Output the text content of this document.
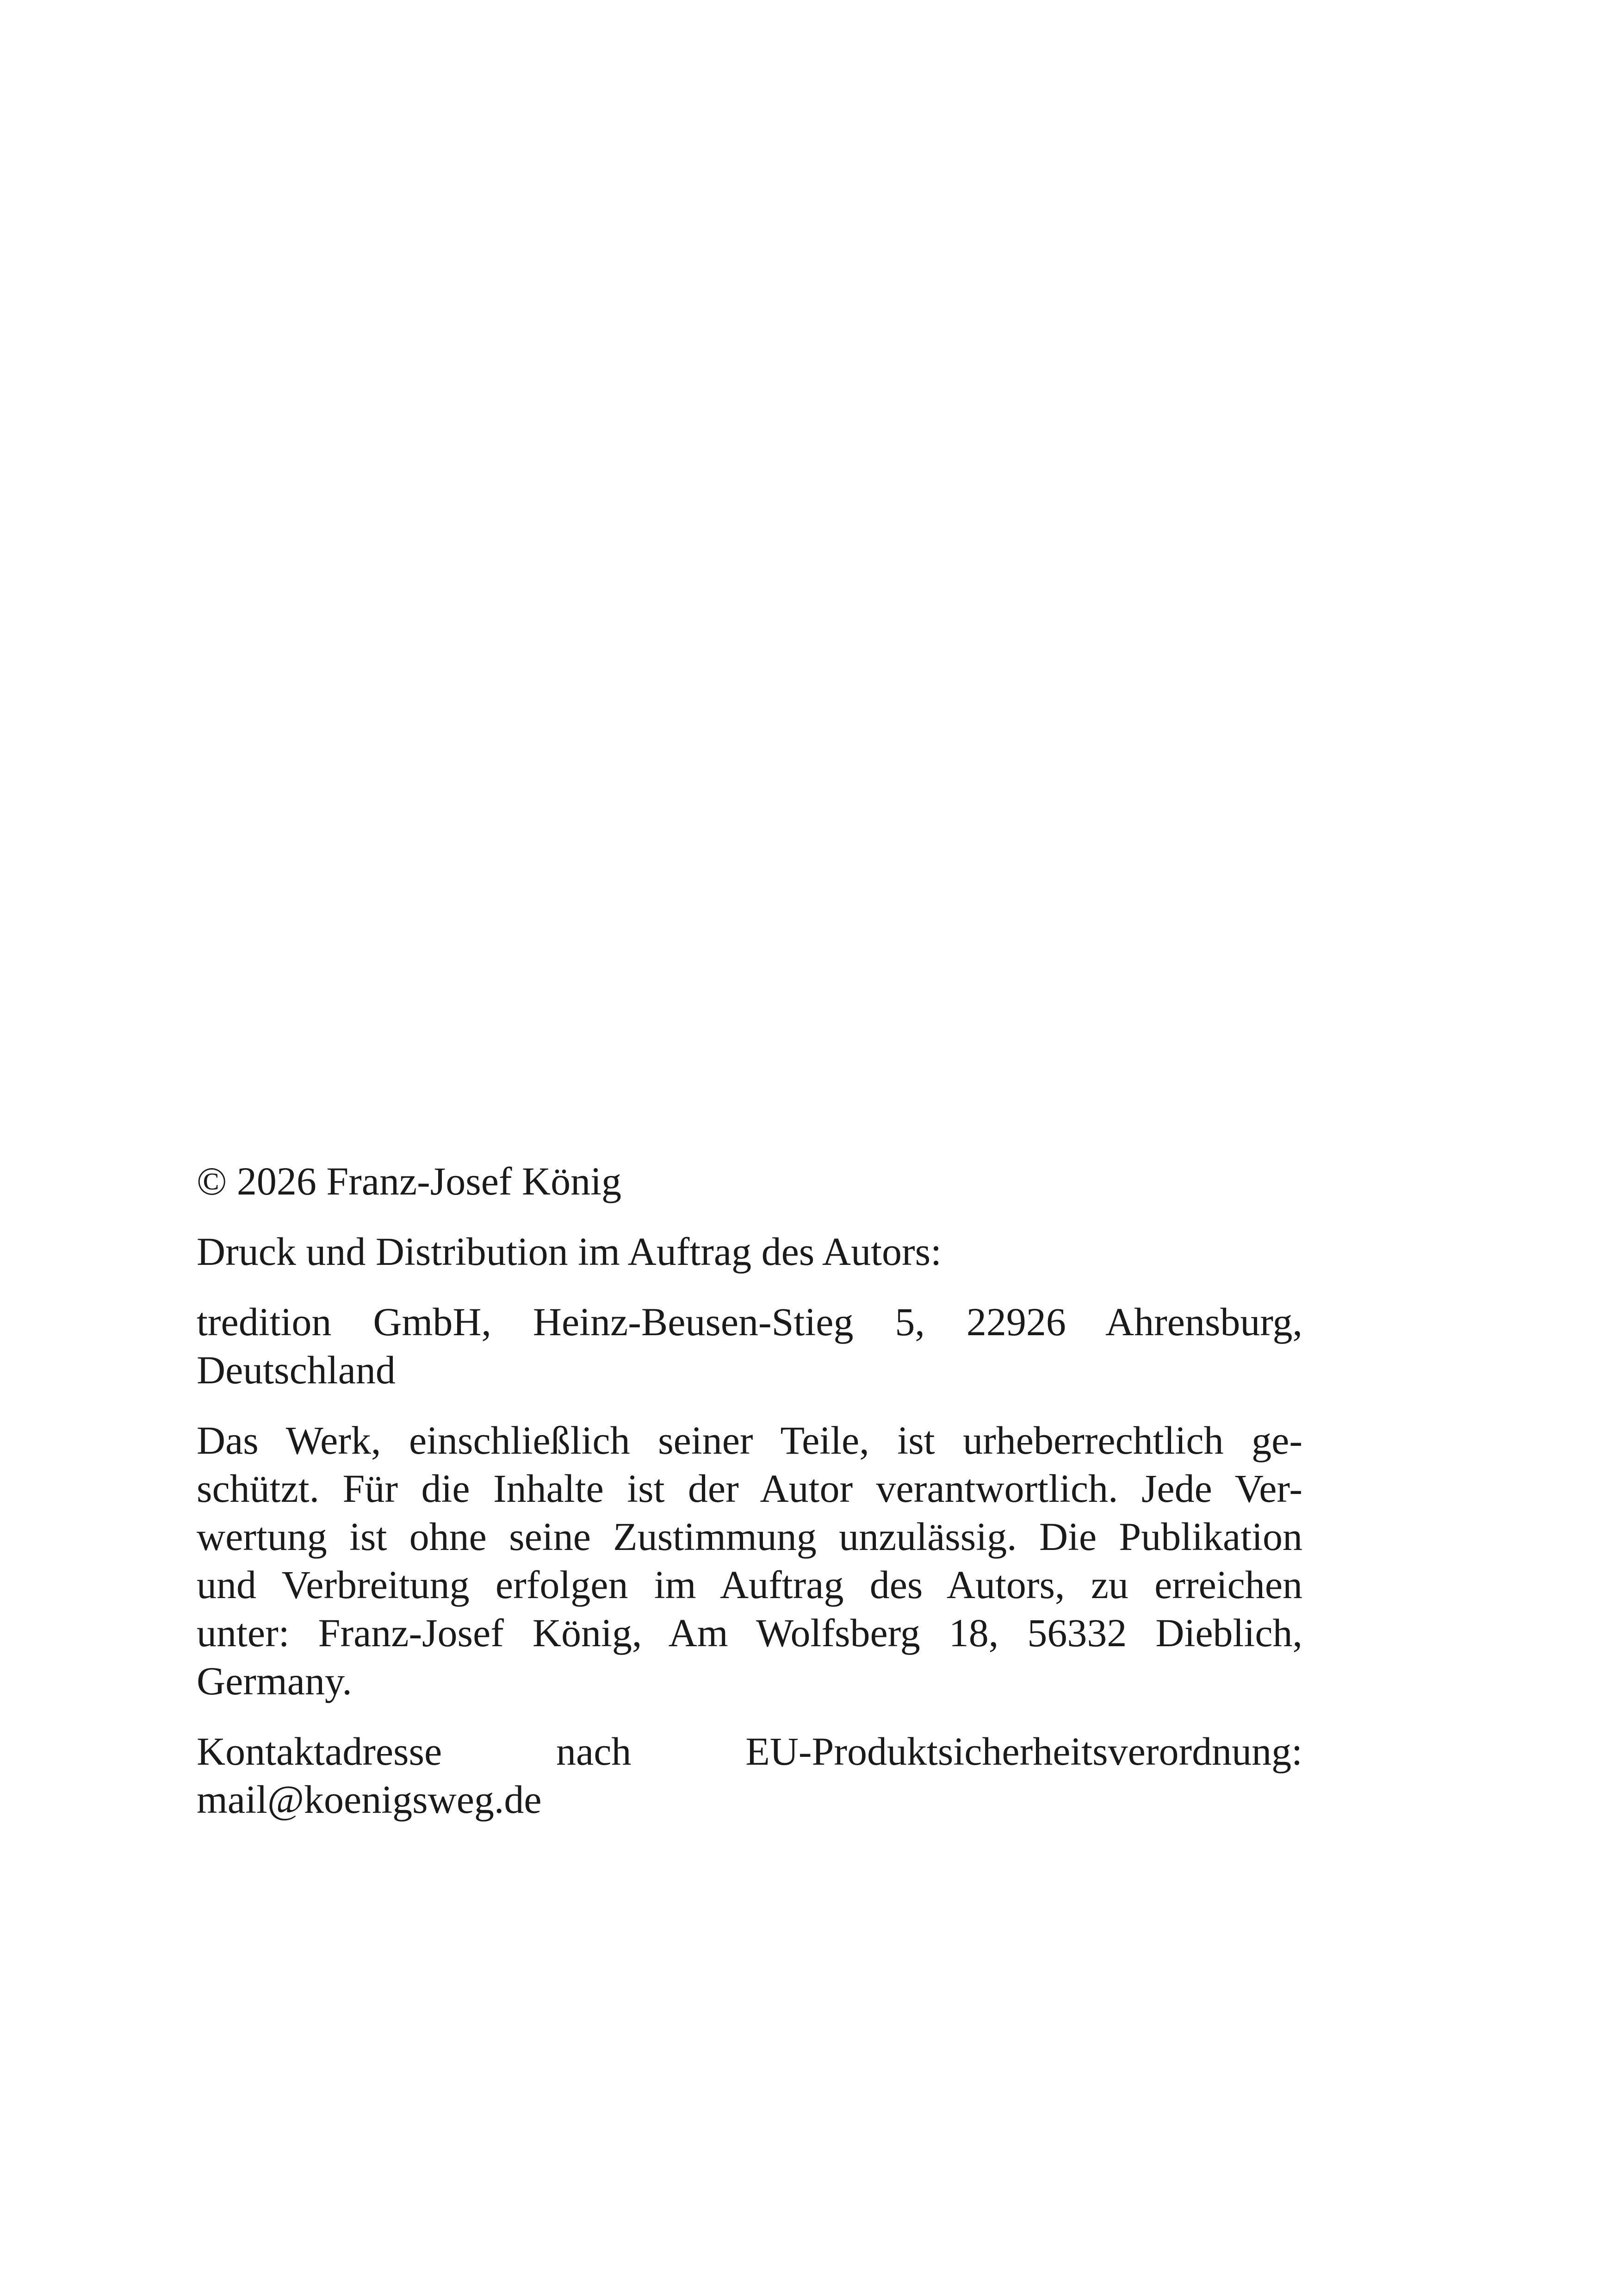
© 2026 Franz-Josef König

Druck und Distribution im Auftrag des Autors:

tredition GmbH, Heinz-Beusen-Stieg 5, 22926 Ahrensburg,
Deutschland

Das Werk, einschließlich seiner Teile, ist urheberrechtlich ge-
schützt. Für die Inhalte ist der Autor verantwortlich. Jede Ver-
wertung ist ohne seine Zustimmung unzulässig. Die Publikation
und Verbreitung erfolgen im Auftrag des Autors, zu erreichen
unter: Franz-Josef König, Am Wolfsberg 18, 56332 Dieblich,
Germany.

Kontaktadresse nach EU-Produktsicherheitsverordnung:
mail@koenigsweg.de
